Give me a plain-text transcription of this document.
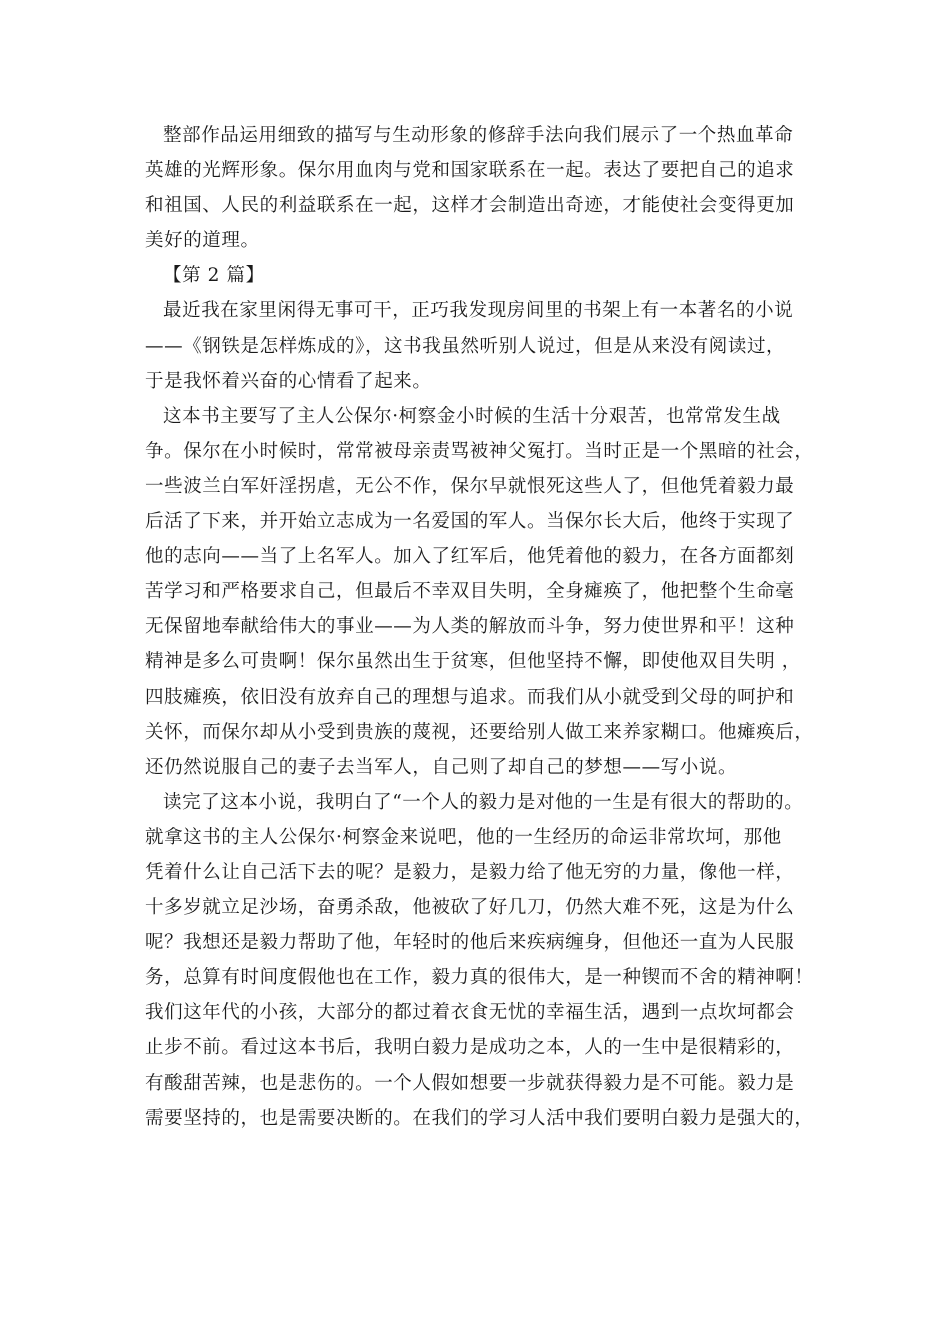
整部作品运用细致的描写与生动形象的修辞手法向我们展示了一个热血革命
英雄的光辉形象。保尔用血肉与党和国家联系在一起。表达了要把自己的追求
和祖国、人民的利益联系在一起，这样才会制造出奇迹，才能使社会变得更加
美好的道理。
【第 2 篇】
最近我在家里闲得无事可干，正巧我发现房间里的书架上有一本著名的小说
——《钢铁是怎样炼成的》，这书我虽然听别人说过，但是从来没有阅读过，
于是我怀着兴奋的心情看了起来。
这本书主要写了主人公保尔·柯察金小时候的生活十分艰苦，也常常发生战
争。保尔在小时候时，常常被母亲责骂被神父冤打。当时正是一个黑暗的社会，
一些波兰白军奸淫拐虐，无公不作，保尔早就恨死这些人了，但他凭着毅力最
后活了下来，并开始立志成为一名爱国的军人。当保尔长大后，他终于实现了
他的志向——当了上名军人。加入了红军后，他凭着他的毅力，在各方面都刻
苦学习和严格要求自己，但最后不幸双目失明，全身瘫痪了，他把整个生命毫
无保留地奉献给伟大的事业——为人类的解放而斗争，努力使世界和平！这种
精神是多么可贵啊！保尔虽然出生于贫寒，但他坚持不懈，即使他双目失明 ，
四肢瘫痪，依旧没有放弃自己的理想与追求。而我们从小就受到父母的呵护和
关怀，而保尔却从小受到贵族的蔑视，还要给别人做工来养家糊口。他瘫痪后，
还仍然说服自己的妻子去当军人，自己则了却自己的梦想——写小说。
读完了这本小说，我明白了“一个人的毅力是对他的一生是有很大的帮助的。
就拿这书的主人公保尔·柯察金来说吧，他的一生经历的命运非常坎坷，那他
凭着什么让自己活下去的呢？是毅力，是毅力给了他无穷的力量，像他一样，
十多岁就立足沙场，奋勇杀敌，他被砍了好几刀，仍然大难不死，这是为什么
呢？我想还是毅力帮助了他，年轻时的他后来疾病缠身，但他还一直为人民服
务，总算有时间度假他也在工作，毅力真的很伟大，是一种锲而不舍的精神啊！
我们这年代的小孩，大部分的都过着衣食无忧的幸福生活，遇到一点坎坷都会
止步不前。看过这本书后，我明白毅力是成功之本，人的一生中是很精彩的，
有酸甜苦辣，也是悲伤的。一个人假如想要一步就获得毅力是不可能。毅力是
需要坚持的，也是需要决断的。在我们的学习人活中我们要明白毅力是强大的，
